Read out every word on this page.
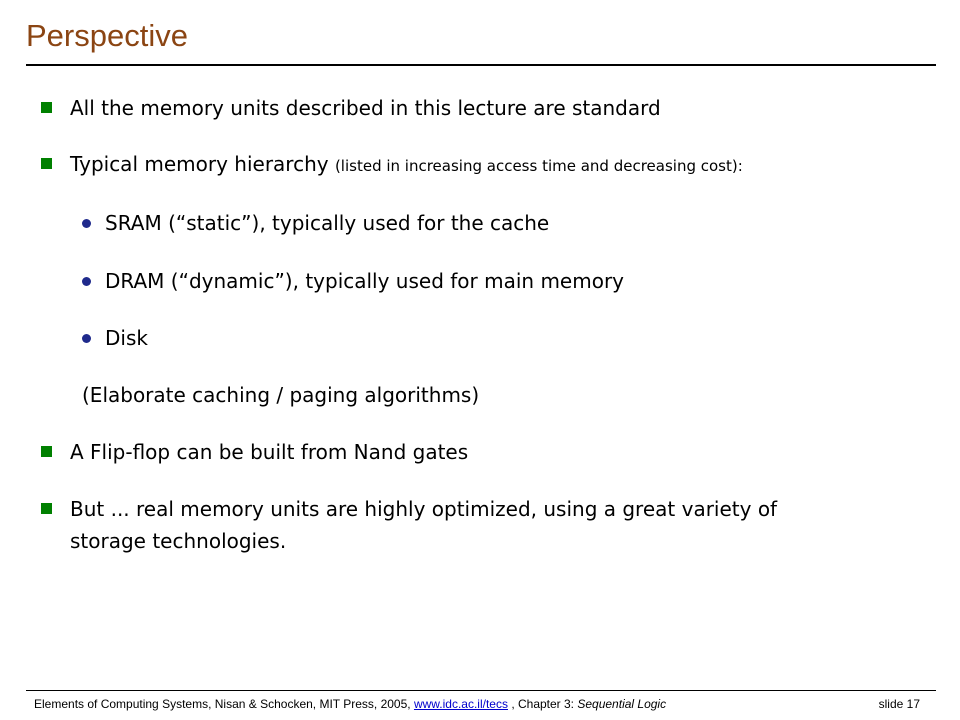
Perspective
All the memory units described in this lecture are standard
Typical memory hierarchy (listed in increasing access time and decreasing cost):
SRAM (“static”), typically used for the cache
DRAM (“dynamic”), typically used for main memory
Disk
(Elaborate caching / paging algorithms)
A Flip-flop can be built from Nand gates
But ... real memory units are highly optimized, using a great variety of
storage technologies.
Elements of Computing Systems, Nisan & Schocken, MIT Press, 2005, www.idc.ac.il/tecs , Chapter 3: Sequential Logic	slide 17
